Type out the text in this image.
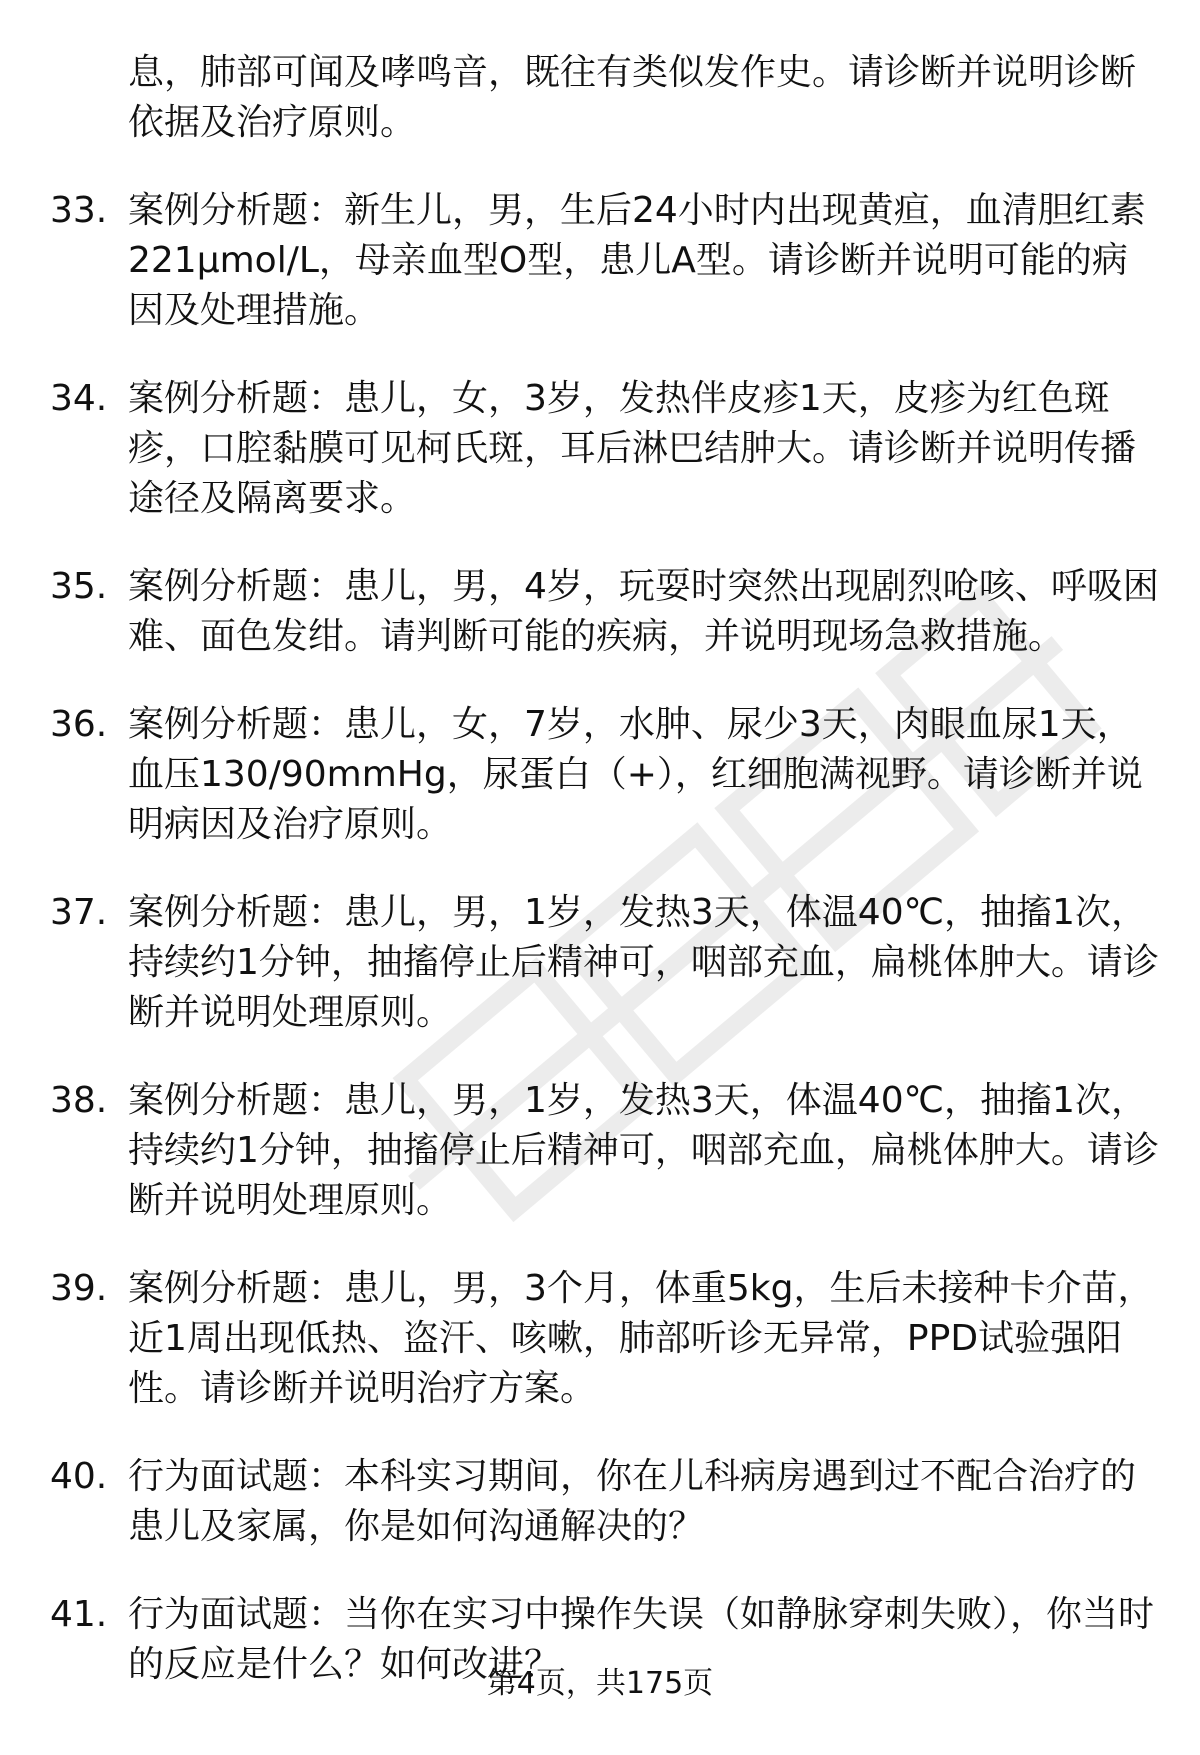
息，肺部可闻及哮鸣音，既往有类似发作史。请诊断并说明诊断依据及治疗原则。
33. 案例分析题：新生儿，男，生后24小时内出现黄疸，血清胆红素221μmol/L，母亲血型O型，患儿A型。请诊断并说明可能的病因及处理措施。
34. 案例分析题：患儿，女，3岁，发热伴皮疹1天，皮疹为红色斑疹，口腔黏膜可见柯氏斑，耳后淋巴结肿大。请诊断并说明传播途径及隔离要求。
35. 案例分析题：患儿，男，4岁，玩耍时突然出现剧烈呛咳、呼吸困难、面色发绀。请判断可能的疾病，并说明现场急救措施。
36. 案例分析题：患儿，女，7岁，水肿、尿少3天，肉眼血尿1天，血压130/90mmHg，尿蛋白（+），红细胞满视野。请诊断并说明病因及治疗原则。
37. 案例分析题：患儿，男，1岁，发热3天，体温40℃，抽搐1次，持续约1分钟，抽搐停止后精神可，咽部充血，扁桃体肿大。请诊断并说明处理原则。
38. 案例分析题：患儿，男，1岁，发热3天，体温40℃，抽搐1次，持续约1分钟，抽搐停止后精神可，咽部充血，扁桃体肿大。请诊断并说明处理原则。
39. 案例分析题：患儿，男，3个月，体重5kg，生后未接种卡介苗，近1周出现低热、盗汗、咳嗽，肺部听诊无异常，PPD试验强阳性。请诊断并说明治疗方案。
40. 行为面试题：本科实习期间，你在儿科病房遇到过不配合治疗的患儿及家属，你是如何沟通解决的？
41. 行为面试题：当你在实习中操作失误（如静脉穿刺失败），你当时的反应是什么？如何改进？
第4页，共175页
